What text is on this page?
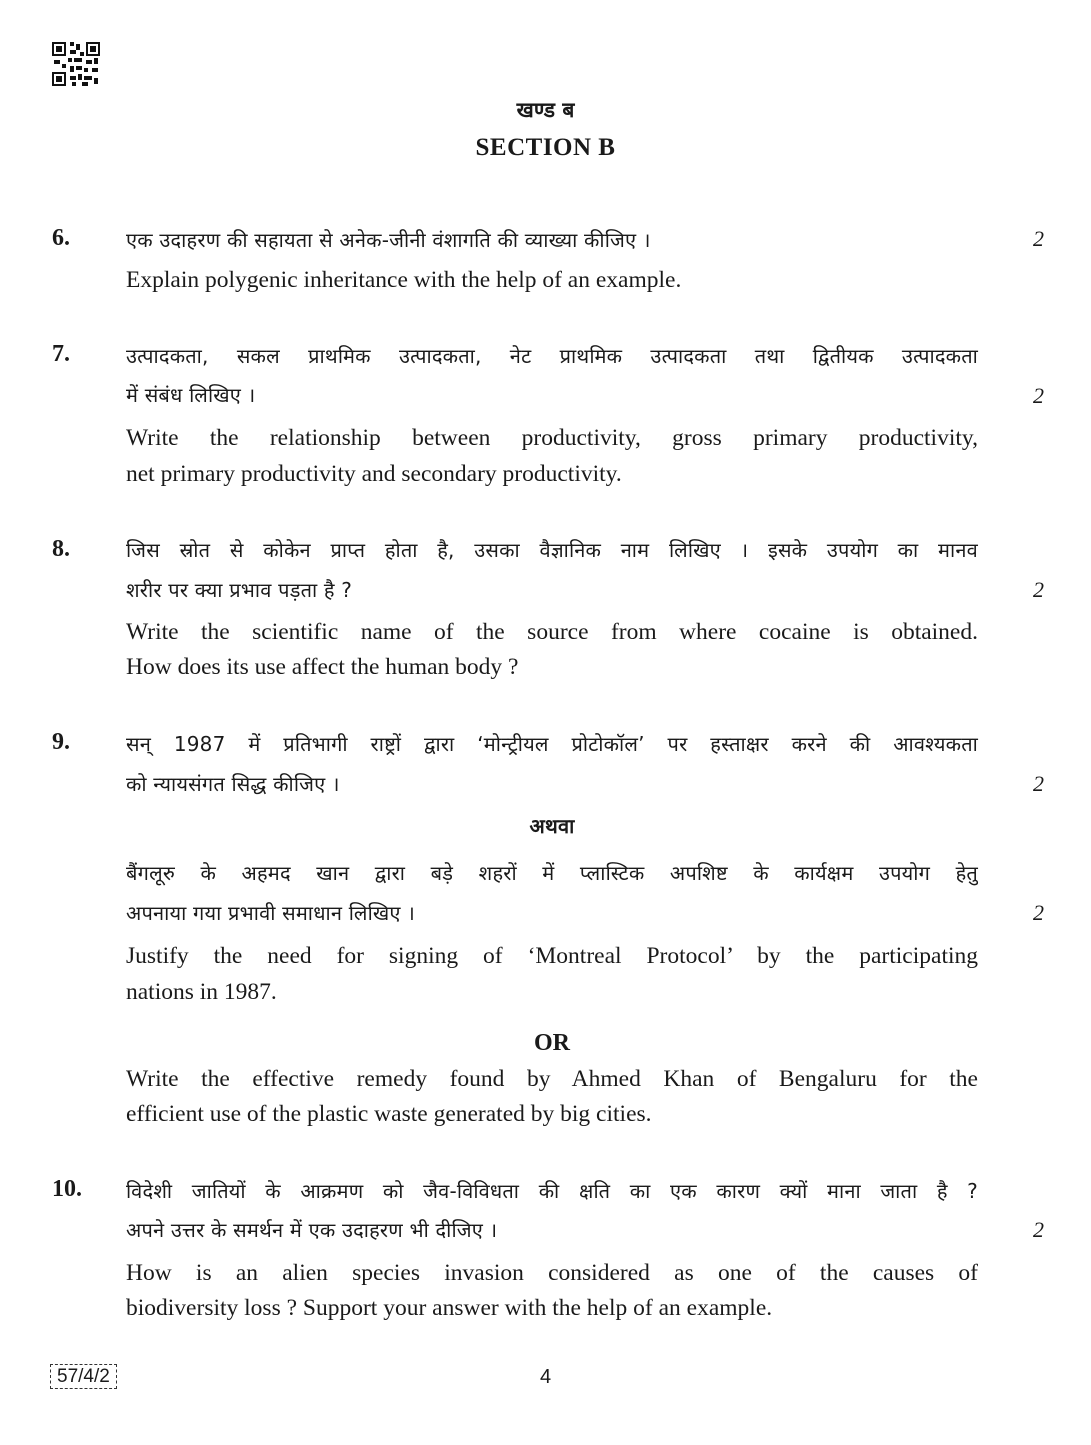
खण्ड ब
SECTION B
6.	एक उदाहरण की सहायता से अनेक-जीनी वंशागति की व्याख्या कीजिए ।	2
Explain polygenic inheritance with the help of an example.
7.	उत्पादकता, सकल प्राथमिक उत्पादकता, नेट प्राथमिक उत्पादकता तथा द्वितीयक उत्पादकता
में संबंध लिखिए ।	2
Write the relationship between productivity, gross primary productivity,
net primary productivity and secondary productivity.
8.	जिस स्रोत से कोकेन प्राप्त होता है, उसका वैज्ञानिक नाम लिखिए । इसके उपयोग का मानव
शरीर पर क्या प्रभाव पड़ता है ?	2
Write the scientific name of the source from where cocaine is obtained.
How does its use affect the human body ?
9.	सन् 1987 में प्रतिभागी राष्ट्रों द्वारा ‘मोन्ट्रीयल प्रोटोकॉल’ पर हस्ताक्षर करने की आवश्यकता
को न्यायसंगत सिद्ध कीजिए ।	2
अथवा
बैंगलूरु के अहमद खान द्वारा बड़े शहरों में प्लास्टिक अपशिष्ट के कार्यक्षम उपयोग हेतु
अपनाया गया प्रभावी समाधान लिखिए ।	2
Justify the need for signing of ‘Montreal Protocol’ by the participating
nations in 1987.
OR
Write the effective remedy found by Ahmed Khan of Bengaluru for the
efficient use of the plastic waste generated by big cities.
10. विदेशी जातियों के आक्रमण को जैव-विविधता की क्षति का एक कारण क्यों माना जाता है ?
अपने उत्तर के समर्थन में एक उदाहरण भी दीजिए ।	2
How is an alien species invasion considered as one of the causes of
biodiversity loss ? Support your answer with the help of an example.
57/4/2	4
